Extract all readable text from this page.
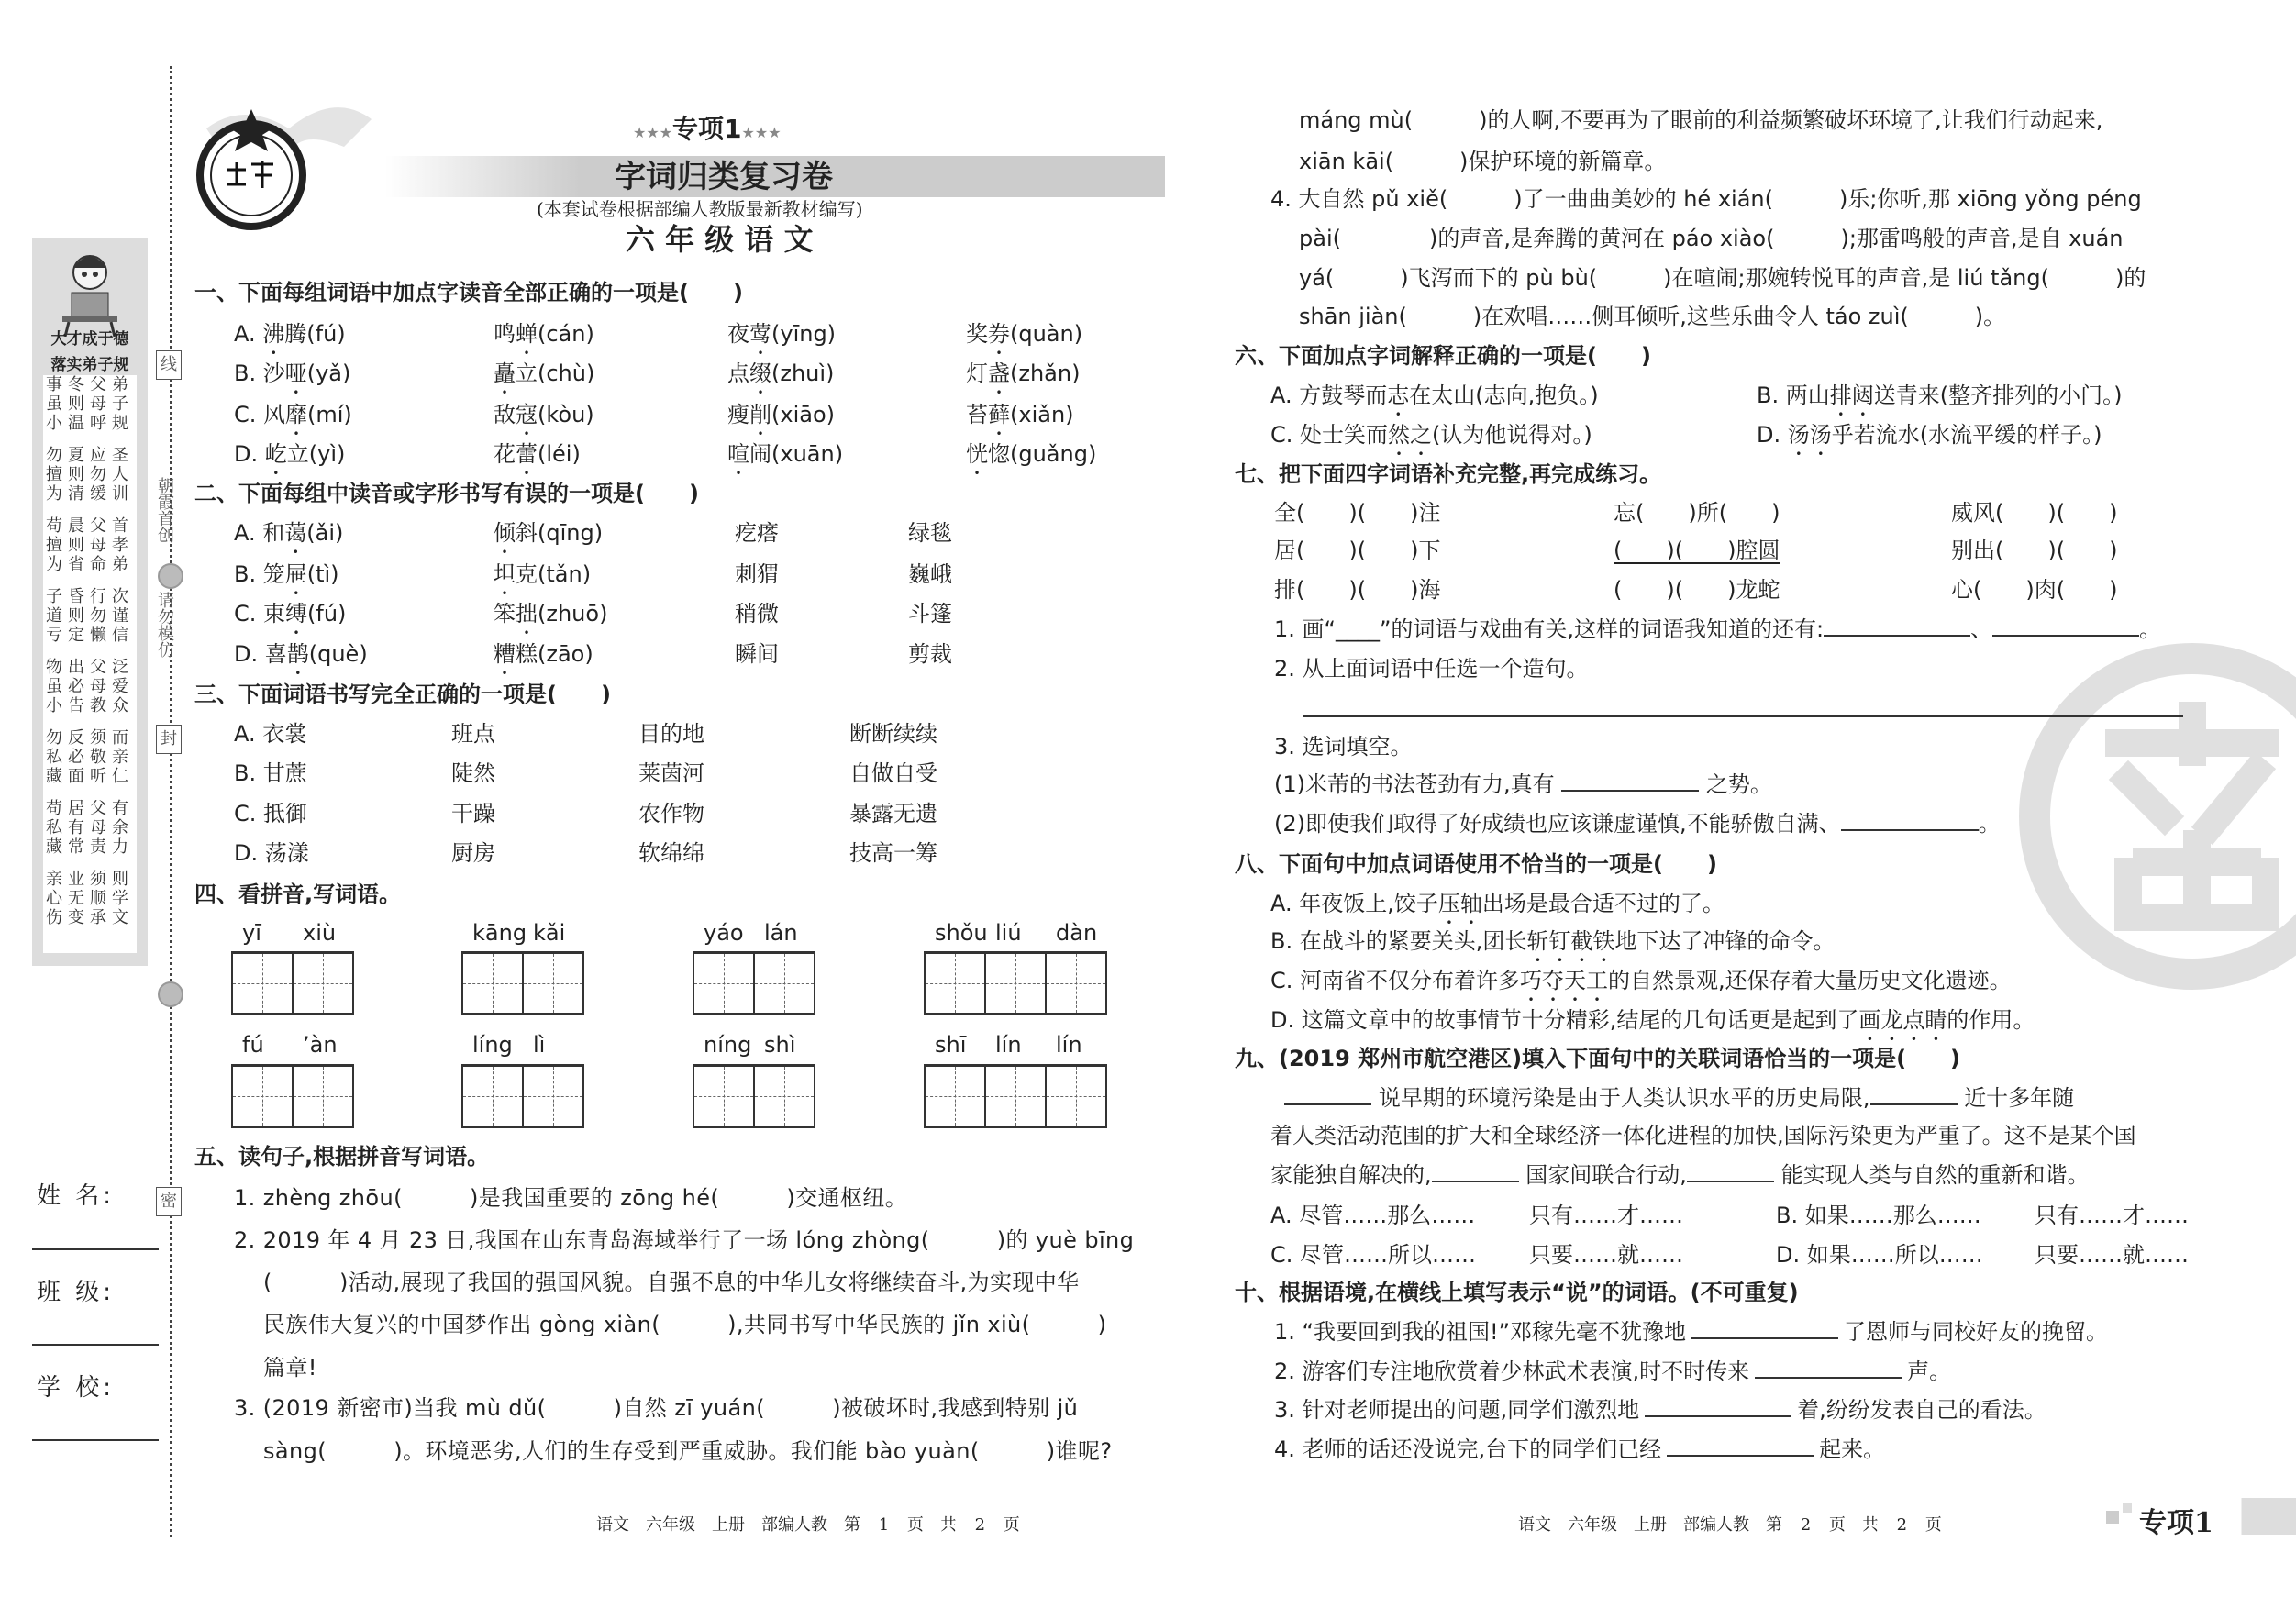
线
朝霞首创
请勿模仿
封
密
大才成于德
落实弟子规
事冬父弟
虽则母子
小温呼规
勿夏应圣
擅则勿人
为清缓训
苟晨父首
擅则母孝
为省命弟
子昏行次
道则勿谨
亏定懒信
物出父泛
虽必母爱
小告教众
勿反须而
私必敬亲
藏面听仁
苟居父有
私有母余
藏常责力
亲业须则
心无顺学
伤变承文
姓 名:
班 级:
学 校:
★★★专项1★★★
字词归类复习卷
(本套试卷根据部编人教版最新教材编写)
六 年 级 语 文
一、下面每组词语中加点字读音全部正确的一项是(　　)
二、下面每组中读音或字形书写有误的一项是(　　)
三、下面词语书写完全正确的一项是(　　)
四、看拼音,写词语。
五、读句子,根据拼音写词语。
语文　六年级　上册　部编人教　第 1 页　共 2 页
六、下面加点字词解释正确的一项是(　　)
七、把下面四字词语补充完整,再完成练习。
1. 画“____”的词语与戏曲有关,这样的词语我知道的还有:	、	。
2. 从上面词语中任选一个造句。
3. 选词填空。
(1)米芾的书法苍劲有力,真有	之势。
(2)即使我们取得了好成绩也应该谦虚谨慎,不能骄傲自满、	。
八、下面句中加点词语使用不恰当的一项是(　　)
九、(2019 郑州市航空港区)填入下面句中的关联词语恰当的一项是(　　)
说早期的环境污染是由于人类认识水平的历史局限,	近十多年随
着人类活动范围的扩大和全球经济一体化进程的加快,国际污染更为严重了。这不是某个国
家能独自解决的,	国家间联合行动,	能实现人类与自然的重新和谐。
十、根据语境,在横线上填写表示“说”的词语。(不可重复)
语文　六年级　上册　部编人教　第 2 页　共 2 页	专项1
A. 沸腾(fú)	鸣蝉(cán)	夜莺(yīng)	奖券(quàn)
B. 沙哑(yǎ)	矗立(chù)	点缀(zhuì)	灯盏(zhǎn)
C. 风靡(mí)	敌寇(kòu)	瘦削(xiāo)	苔藓(xiǎn)
D. 屹立(yì)	花蕾(léi)	喧闹(xuān)	恍惚(guǎng)
A. 和蔼(ǎi)	倾斜(qīng)	疙瘩	绿毯
B. 笼屉(tì)	坦克(tǎn)	刺猬	巍峨
C. 束缚(fú)	笨拙(zhuō)	稍微	斗篷
D. 喜鹊(què)	糟糕(zāo)	瞬间	剪裁
A. 衣裳	班点	目的地	断断续续
B. 甘蔗	陡然	莱茵河	自做自受
C. 抵御	干躁	农作物	暴露无遗
D. 荡漾	厨房	软绵绵	技高一筹
yī xiù	kāng kǎi	yáo lán	shǒu liú dàn
fú ’àn	líng lì	níng shì	shī lín lín
1. zhèng zhōu(　　　)是我国重要的 zōng hé(　　　)交通枢纽。
2. 2019 年 4 月 23 日,我国在山东青岛海域举行了一场 lóng zhòng(　　　)的 yuè bīng
(　　　)活动,展现了我国的强国风貌。自强不息的中华儿女将继续奋斗,为实现中华
民族伟大复兴的中国梦作出 gòng xiàn(　　　),共同书写中华民族的 jǐn xiù(　　　)
篇章!
3. (2019 新密市)当我 mù dǔ(　　　)自然 zī yuán(　　　)被破坏时,我感到特别 jǔ
sàng(　　　)。环境恶劣,人们的生存受到严重威胁。我们能 bào yuàn(　　　)谁呢?
máng mù(　　　)的人啊,不要再为了眼前的利益频繁破坏环境了,让我们行动起来,
xiān kāi(　　　)保护环境的新篇章。
4. 大自然 pǔ xiě(　　　)了一曲曲美妙的 hé xián(　　　)乐;你听,那 xiōng yǒng péng
pài(　　　　)的声音,是奔腾的黄河在 páo xiào(　　　);那雷鸣般的声音,是自 xuán
yá(　　　)飞泻而下的 pù bù(　　　)在喧闹;那婉转悦耳的声音,是 liú tǎng(　　　)的
shān jiàn(　　　)在欢唱……侧耳倾听,这些乐曲令人 táo zuì(　　　)。
A. 方鼓琴而志在太山(志向,抱负。)	B. 两山排闼送青来(整齐排列的小门。)
C. 处士笑而然之(认为他说得对。)	D. 汤汤乎若流水(水流平缓的样子。)
全(　　)(　　)注	忘(　　)所(　　)	威风(　　)(　　)
居(　　)(　　)下	(　　)(　　)腔圆	别出(　　)(　　)
排(　　)(　　)海	(　　)(　　)龙蛇	心(　　)肉(　　)
A. 年夜饭上,饺子压轴出场是最合适不过的了。
B. 在战斗的紧要关头,团长斩钉截铁地下达了冲锋的命令。
C. 河南省不仅分布着许多巧夺天工的自然景观,还保存着大量历史文化遗迹。
D. 这篇文章中的故事情节十分精彩,结尾的几句话更是起到了画龙点睛的作用。
A. 尽管……那么…… 只有……才……	B. 如果……那么…… 只有……才……
C. 尽管……所以…… 只要……就……	D. 如果……所以…… 只要……就……
1. “我要回到我的祖国!”邓稼先毫不犹豫地	了恩师与同校好友的挽留。
2. 游客们专注地欣赏着少林武术表演,时不时传来	声。
3. 针对老师提出的问题,同学们激烈地	着,纷纷发表自己的看法。
4. 老师的话还没说完,台下的同学们已经	起来。
